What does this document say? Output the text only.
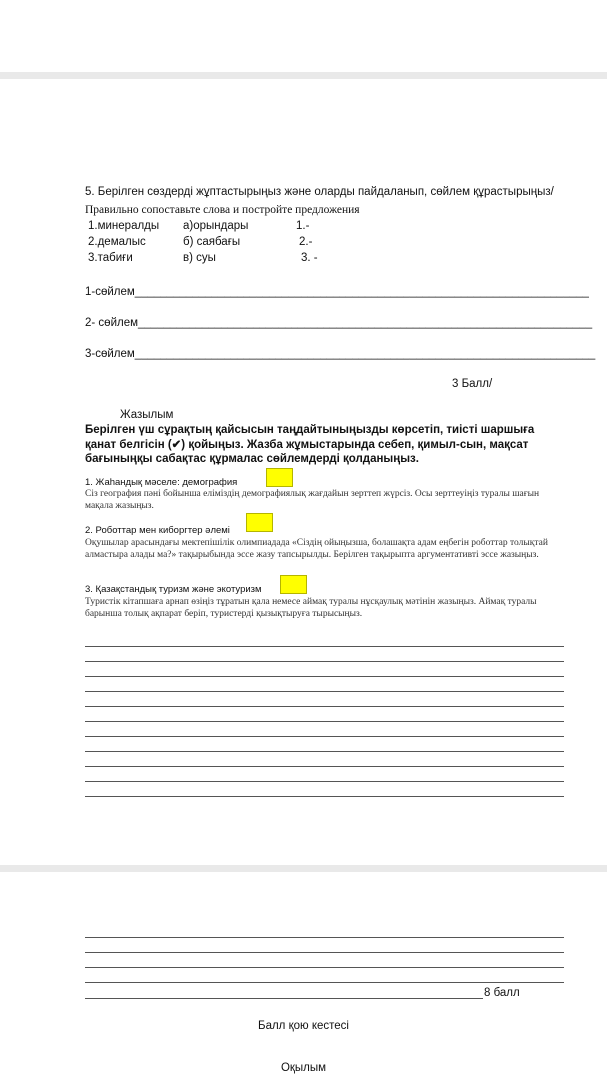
5. Берілген сөздерді жұптастырыңыз және оларды пайдаланып, сөйлем құрастырыңыз/
Правильно сопоставьте слова и постройте предложения
1.минералды а)орындары	1.-
2.демалыс	б) саябағы	2.-
3.табиғи	в) суы	3. -
1-сөйлем_______________________________________________________________________
2- сөйлем_______________________________________________________________________
3-сөйлем________________________________________________________________________
3 Балл/
Жазылым
Берілген үш сұрақтың қайсысын таңдайтыныңызды көрсетіп, тиісті шаршыға қанат белгісін (✔) қойыңыз. Жазба жұмыстарында себеп, қимыл-сын, мақсат бағыныңқы сабақтас құрмалас сөйлемдерді қолданыңыз.
1. Жаһандық мәселе: демография
Сіз география пәні бойынша еліміздің демографиялық жағдайын зерттеп жүрсіз. Осы зерттеуіңіз туралы шағын мақала жазыңыз.
2. Роботтар мен киборгтер әлемі
Оқушылар арасындағы мектепішілік олимпиадада «Сіздің ойыңызша, болашақта адам еңбегін роботтар толықтай алмастыра алады ма?» тақырыбында эссе жазу тапсырылды. Берілген тақырыпта аргументативті эссе жазыңыз.
3. Қазақстандық туризм және экотуризм
Туристік кітапшаға арнап өзіңіз тұратын қала немесе аймақ туралы нұсқаулық мәтінін жазыңыз. Аймақ туралы барынша толық ақпарат беріп, туристерді қызықтыруға тырысыңыз.
8 балл
Балл қою кестесі
Оқылым
